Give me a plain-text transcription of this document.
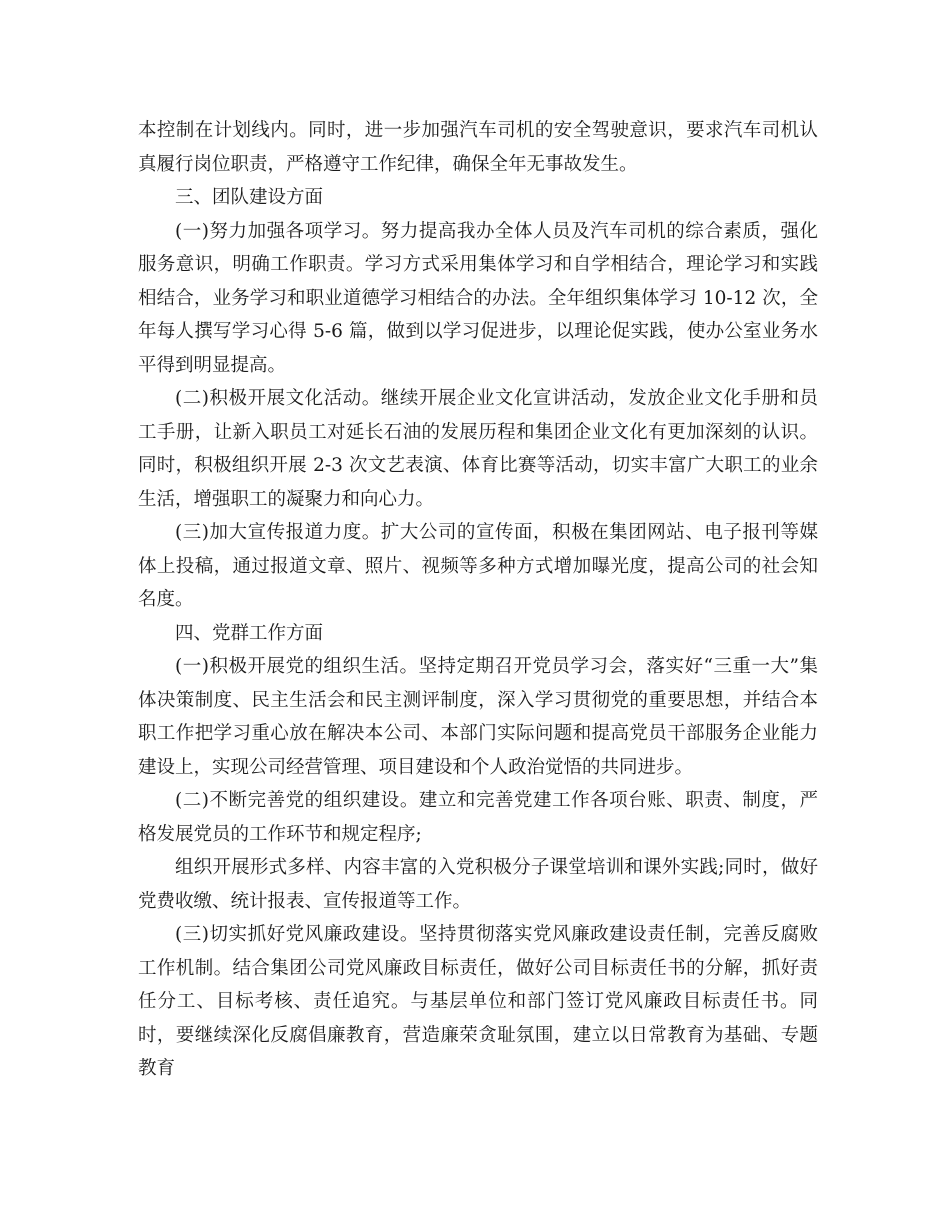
本控制在计划线内。同时，进一步加强汽车司机的安全驾驶意识，要求汽车司机认真履行岗位职责，严格遵守工作纪律，确保全年无事故发生。

三、团队建设方面

(一)努力加强各项学习。努力提高我办全体人员及汽车司机的综合素质，强化服务意识，明确工作职责。学习方式采用集体学习和自学相结合，理论学习和实践相结合，业务学习和职业道德学习相结合的办法。全年组织集体学习 10-12 次，全年每人撰写学习心得 5-6 篇，做到以学习促进步，以理论促实践，使办公室业务水平得到明显提高。

(二)积极开展文化活动。继续开展企业文化宣讲活动，发放企业文化手册和员工手册，让新入职员工对延长石油的发展历程和集团企业文化有更加深刻的认识。同时，积极组织开展 2-3 次文艺表演、体育比赛等活动，切实丰富广大职工的业余生活，增强职工的凝聚力和向心力。

(三)加大宣传报道力度。扩大公司的宣传面，积极在集团网站、电子报刊等媒体上投稿，通过报道文章、照片、视频等多种方式增加曝光度，提高公司的社会知名度。

四、党群工作方面

(一)积极开展党的组织生活。坚持定期召开党员学习会，落实好“三重一大”集体决策制度、民主生活会和民主测评制度，深入学习贯彻党的重要思想，并结合本职工作把学习重心放在解决本公司、本部门实际问题和提高党员干部服务企业能力建设上，实现公司经营管理、项目建设和个人政治觉悟的共同进步。

(二)不断完善党的组织建设。建立和完善党建工作各项台账、职责、制度，严格发展党员的工作环节和规定程序;

组织开展形式多样、内容丰富的入党积极分子课堂培训和课外实践;同时，做好党费收缴、统计报表、宣传报道等工作。

(三)切实抓好党风廉政建设。坚持贯彻落实党风廉政建设责任制，完善反腐败工作机制。结合集团公司党风廉政目标责任，做好公司目标责任书的分解，抓好责任分工、目标考核、责任追究。与基层单位和部门签订党风廉政目标责任书。同时，要继续深化反腐倡廉教育，营造廉荣贪耻氛围，建立以日常教育为基础、专题教育
